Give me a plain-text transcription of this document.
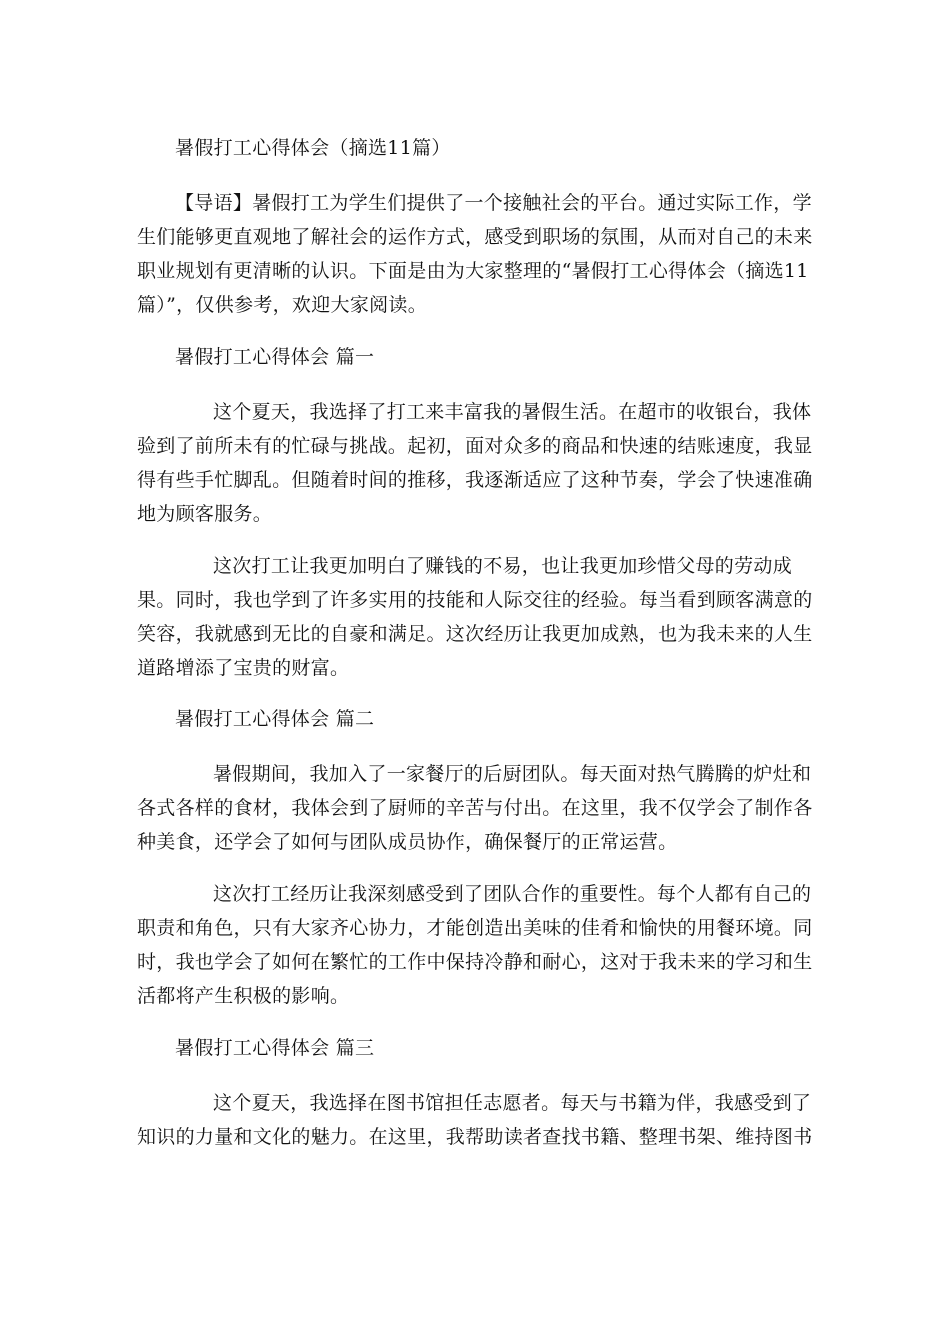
暑假打工心得体会（摘选11篇）
【导语】暑假打工为学生们提供了一个接触社会的平台。通过实际工作，学生们能够更直观地了解社会的运作方式，感受到职场的氛围，从而对自己的未来职业规划有更清晰的认识。下面是由为大家整理的“暑假打工心得体会（摘选11篇）”，仅供参考，欢迎大家阅读。
暑假打工心得体会 篇一
这个夏天，我选择了打工来丰富我的暑假生活。在超市的收银台，我体验到了前所未有的忙碌与挑战。起初，面对众多的商品和快速的结账速度，我显得有些手忙脚乱。但随着时间的推移，我逐渐适应了这种节奏，学会了快速准确地为顾客服务。
这次打工让我更加明白了赚钱的不易，也让我更加珍惜父母的劳动成果。同时，我也学到了许多实用的技能和人际交往的经验。每当看到顾客满意的笑容，我就感到无比的自豪和满足。这次经历让我更加成熟，也为我未来的人生道路增添了宝贵的财富。
暑假打工心得体会 篇二
暑假期间，我加入了一家餐厅的后厨团队。每天面对热气腾腾的炉灶和各式各样的食材，我体会到了厨师的辛苦与付出。在这里，我不仅学会了制作各种美食，还学会了如何与团队成员协作，确保餐厅的正常运营。
这次打工经历让我深刻感受到了团队合作的重要性。每个人都有自己的职责和角色，只有大家齐心协力，才能创造出美味的佳肴和愉快的用餐环境。同时，我也学会了如何在繁忙的工作中保持冷静和耐心，这对于我未来的学习和生活都将产生积极的影响。
暑假打工心得体会 篇三
这个夏天，我选择在图书馆担任志愿者。每天与书籍为伴，我感受到了知识的力量和文化的魅力。在这里，我帮助读者查找书籍、整理书架、维持图书
